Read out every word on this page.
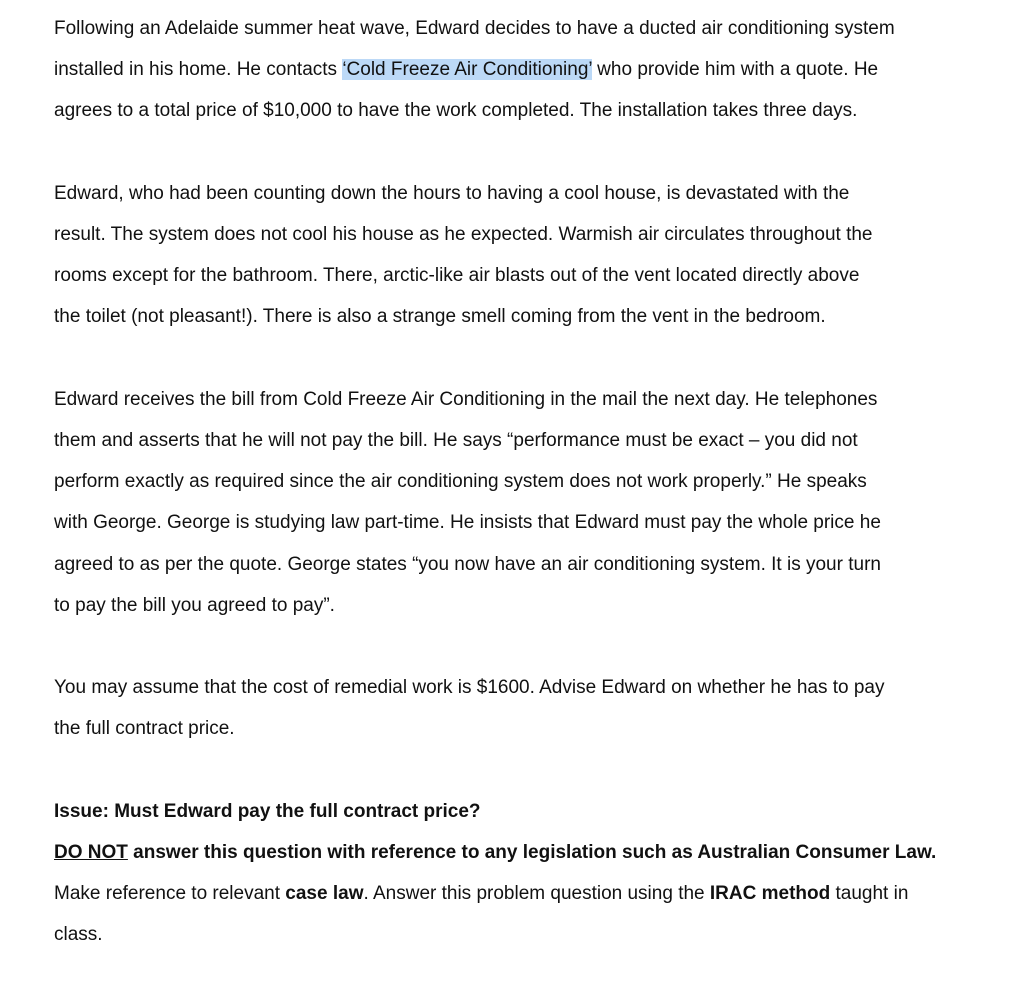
Following an Adelaide summer heat wave, Edward decides to have a ducted air conditioning system
installed in his home. He contacts ‘Cold Freeze Air Conditioning’ who provide him with a quote. He
agrees to a total price of $10,000 to have the work completed. The installation takes three days.

Edward, who had been counting down the hours to having a cool house, is devastated with the
result. The system does not cool his house as he expected. Warmish air circulates throughout the
rooms except for the bathroom. There, arctic-like air blasts out of the vent located directly above
the toilet (not pleasant!). There is also a strange smell coming from the vent in the bedroom.

Edward receives the bill from Cold Freeze Air Conditioning in the mail the next day. He telephones
them and asserts that he will not pay the bill. He says “performance must be exact – you did not
perform exactly as required since the air conditioning system does not work properly.” He speaks
with George. George is studying law part-time. He insists that Edward must pay the whole price he
agreed to as per the quote. George states “you now have an air conditioning system. It is your turn
to pay the bill you agreed to pay”.

You may assume that the cost of remedial work is $1600. Advise Edward on whether he has to pay
the full contract price.

Issue: Must Edward pay the full contract price?
DO NOT answer this question with reference to any legislation such as Australian Consumer Law.
Make reference to relevant case law. Answer this problem question using the IRAC method taught in
class.
